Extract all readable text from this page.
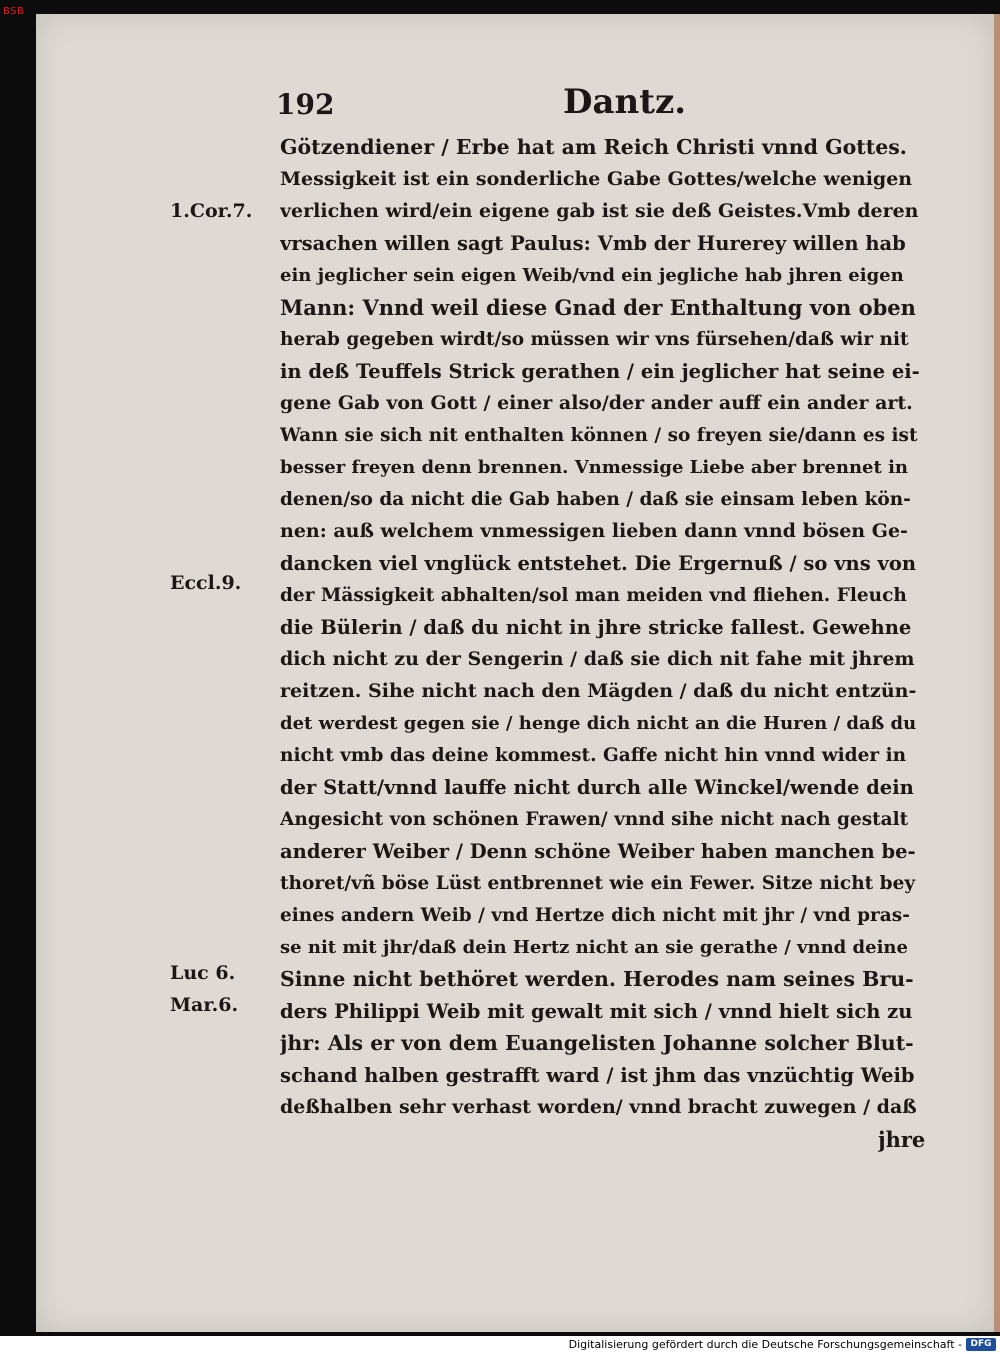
BSB
192	Dantz.
Götzendiener / Erbe hat am Reich Christi vnnd Gottes.
Messigkeit ist ein sonderliche Gabe Gottes/welche wenigen
verlichen wird/ein eigene gab ist sie deß Geistes.Vmb deren
vrsachen willen sagt Paulus: Vmb der Hurerey willen hab
ein jeglicher sein eigen Weib/vnd ein jegliche hab jhren eigen
Mann: Vnnd weil diese Gnad der Enthaltung von oben
herab gegeben wirdt/so müssen wir vns fürsehen/daß wir nit
in deß Teuffels Strick gerathen / ein jeglicher hat seine ei-
gene Gab von Gott / einer also/der ander auff ein ander art.
Wann sie sich nit enthalten können / so freyen sie/dann es ist
besser freyen denn brennen. Vnmessige Liebe aber brennet in
denen/so da nicht die Gab haben / daß sie einsam leben kön-
nen: auß welchem vnmessigen lieben dann vnnd bösen Ge-
dancken viel vnglück entstehet. Die Ergernuß / so vns von
der Mässigkeit abhalten/sol man meiden vnd fliehen. Fleuch
die Bülerin / daß du nicht in jhre stricke fallest. Gewehne
dich nicht zu der Sengerin / daß sie dich nit fahe mit jhrem
reitzen. Sihe nicht nach den Mägden / daß du nicht entzün-
det werdest gegen sie / henge dich nicht an die Huren / daß du
nicht vmb das deine kommest. Gaffe nicht hin vnnd wider in
der Statt/vnnd lauffe nicht durch alle Winckel/wende dein
Angesicht von schönen Frawen/ vnnd sihe nicht nach gestalt
anderer Weiber / Denn schöne Weiber haben manchen be-
thoret/vñ böse Lüst entbrennet wie ein Fewer. Sitze nicht bey
eines andern Weib / vnd Hertze dich nicht mit jhr / vnd pras-
se nit mit jhr/daß dein Hertz nicht an sie gerathe / vnnd deine
Sinne nicht bethöret werden. Herodes nam seines Bru-
ders Philippi Weib mit gewalt mit sich / vnnd hielt sich zu
jhr: Als er von dem Euangelisten Johanne solcher Blut-
schand halben gestrafft ward / ist jhm das vnzüchtig Weib
deßhalben sehr verhast worden/ vnnd bracht zuwegen / daß
jhre
1.Cor.7.
Eccl.9.
Luc 6.
Mar.6.
Digitalisierung gefördert durch die Deutsche Forschungsgemeinschaft - DFG
